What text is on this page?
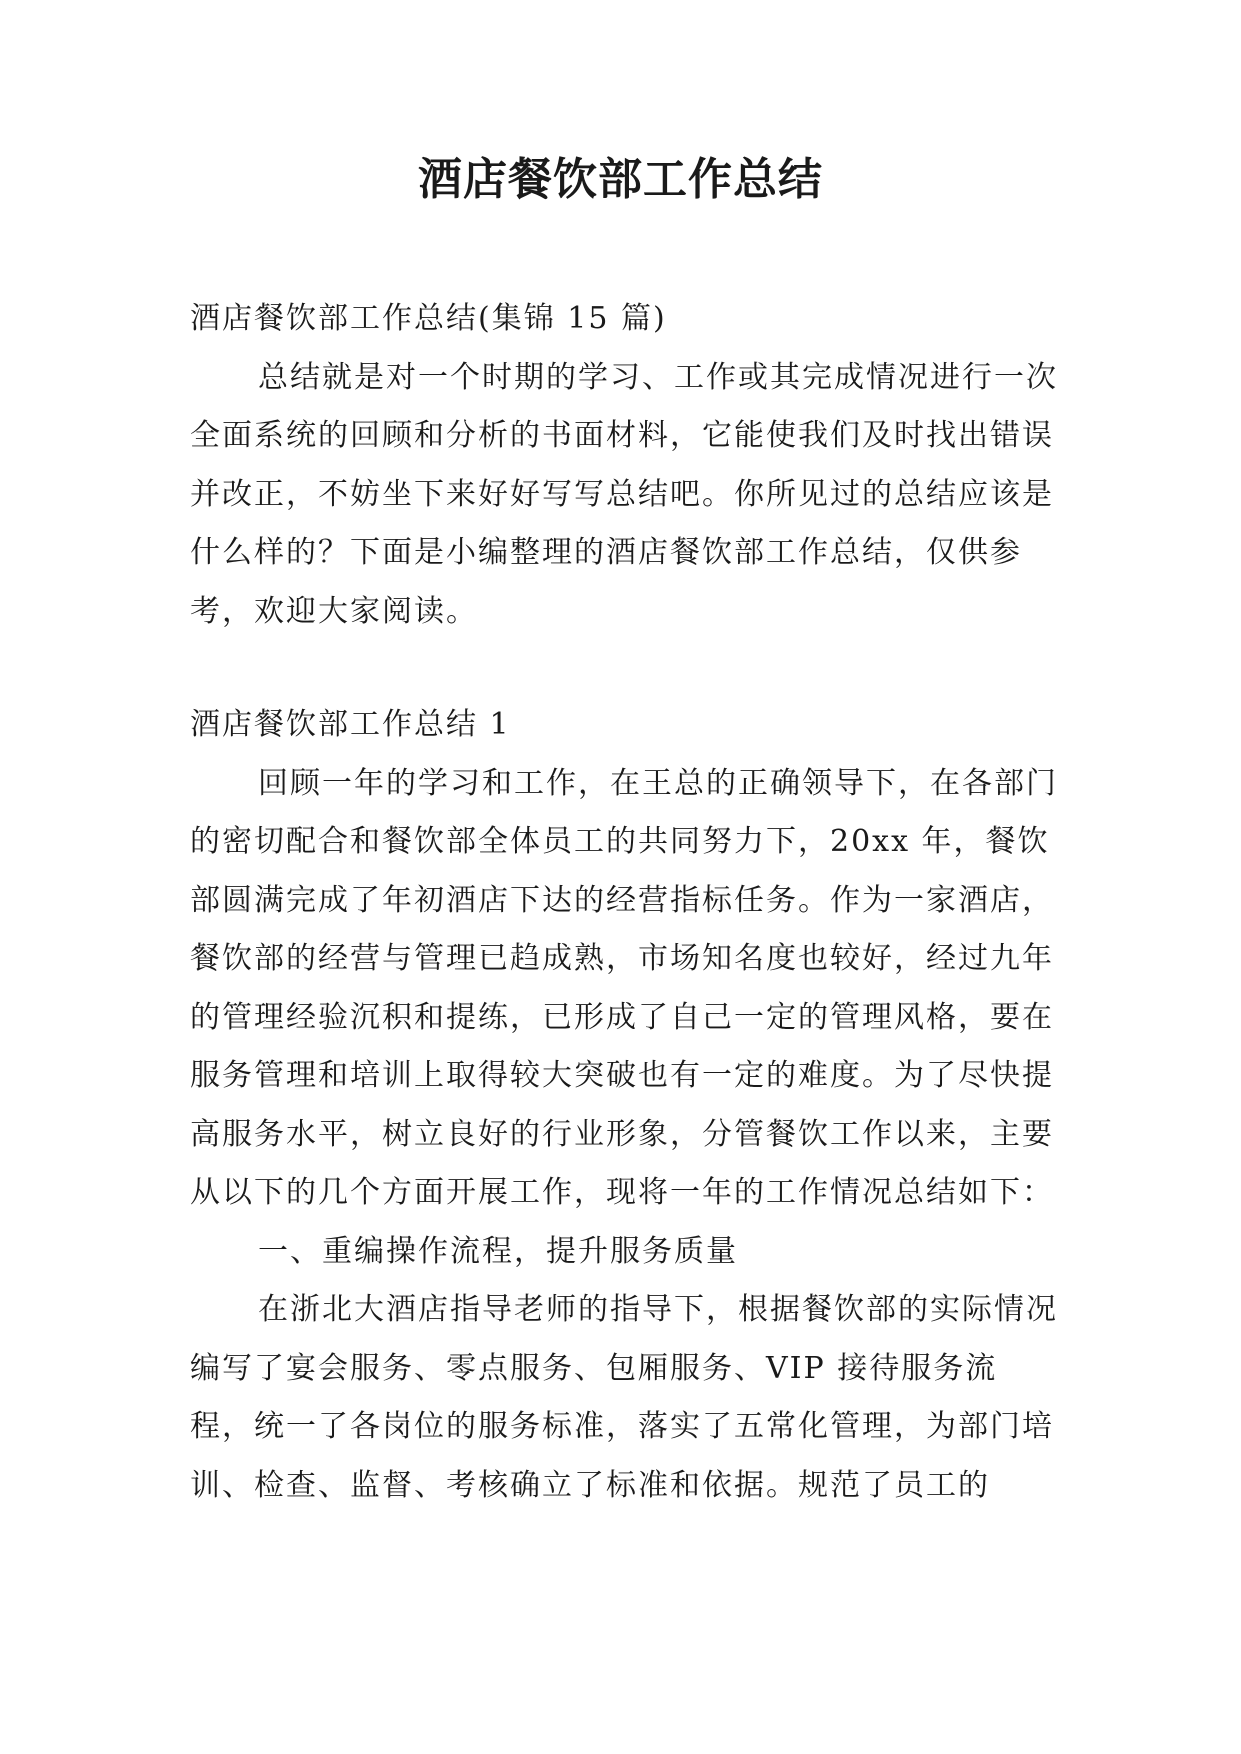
酒店餐饮部工作总结

酒店餐饮部工作总结(集锦 15 篇)

总结就是对一个时期的学习、工作或其完成情况进行一次全面系统的回顾和分析的书面材料，它能使我们及时找出错误并改正，不妨坐下来好好写写总结吧。你所见过的总结应该是什么样的？下面是小编整理的酒店餐饮部工作总结，仅供参考，欢迎大家阅读。

酒店餐饮部工作总结 1

回顾一年的学习和工作，在王总的正确领导下，在各部门的密切配合和餐饮部全体员工的共同努力下，20xx 年，餐饮部圆满完成了年初酒店下达的经营指标任务。作为一家酒店，餐饮部的经营与管理已趋成熟，市场知名度也较好，经过九年的管理经验沉积和提练，已形成了自己一定的管理风格，要在服务管理和培训上取得较大突破也有一定的难度。为了尽快提高服务水平，树立良好的行业形象，分管餐饮工作以来，主要从以下的几个方面开展工作，现将一年的工作情况总结如下：

一、重编操作流程，提升服务质量

在浙北大酒店指导老师的指导下，根据餐饮部的实际情况编写了宴会服务、零点服务、包厢服务、VIP 接待服务流程，统一了各岗位的服务标准，落实了五常化管理，为部门培训、检查、监督、考核确立了标准和依据。规范了员工的
